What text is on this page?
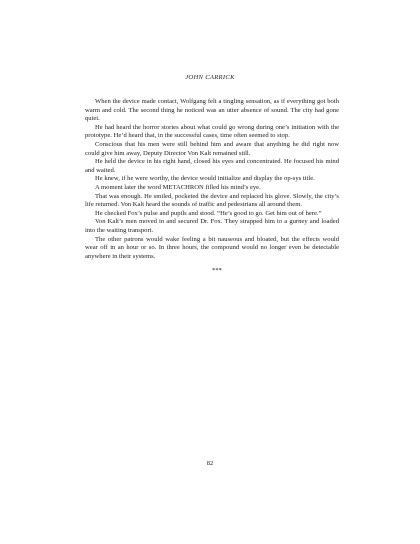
JOHN CARRICK

When the device made contact, Wolfgang felt a tingling sensation, as if everything got both warm and cold. The second thing he noticed was an utter absence of sound. The city had gone quiet.

He had heard the horror stories about what could go wrong during one’s initiation with the prototype. He’d heard that, in the successful cases, time often seemed to stop.

Conscious that his men were still behind him and aware that anything he did right now could give him away, Deputy Director Von Kalt remained still.

He held the device in his right hand, closed his eyes and concentrated. He focused his mind and waited.

He knew, if he were worthy, the device would initialize and display the op-sys title.

A moment later the word METACHRON filled his mind’s eye.

That was enough. He smiled, pocketed the device and replaced his glove. Slowly, the city’s life returned. Von Kalt heard the sounds of traffic and pedestrians all around them.

He checked Fox’s pulse and pupils and stood. “He’s good to go. Get him out of here.”

Von Kalt’s men moved in and secured Dr. Fox. They strapped him to a gurney and loaded into the waiting transport.

The other patrons would wake feeling a bit nauseous and bloated, but the effects would wear off in an hour or so. In three hours, the compound would no longer even be detectable anywhere in their systems.

***

82
